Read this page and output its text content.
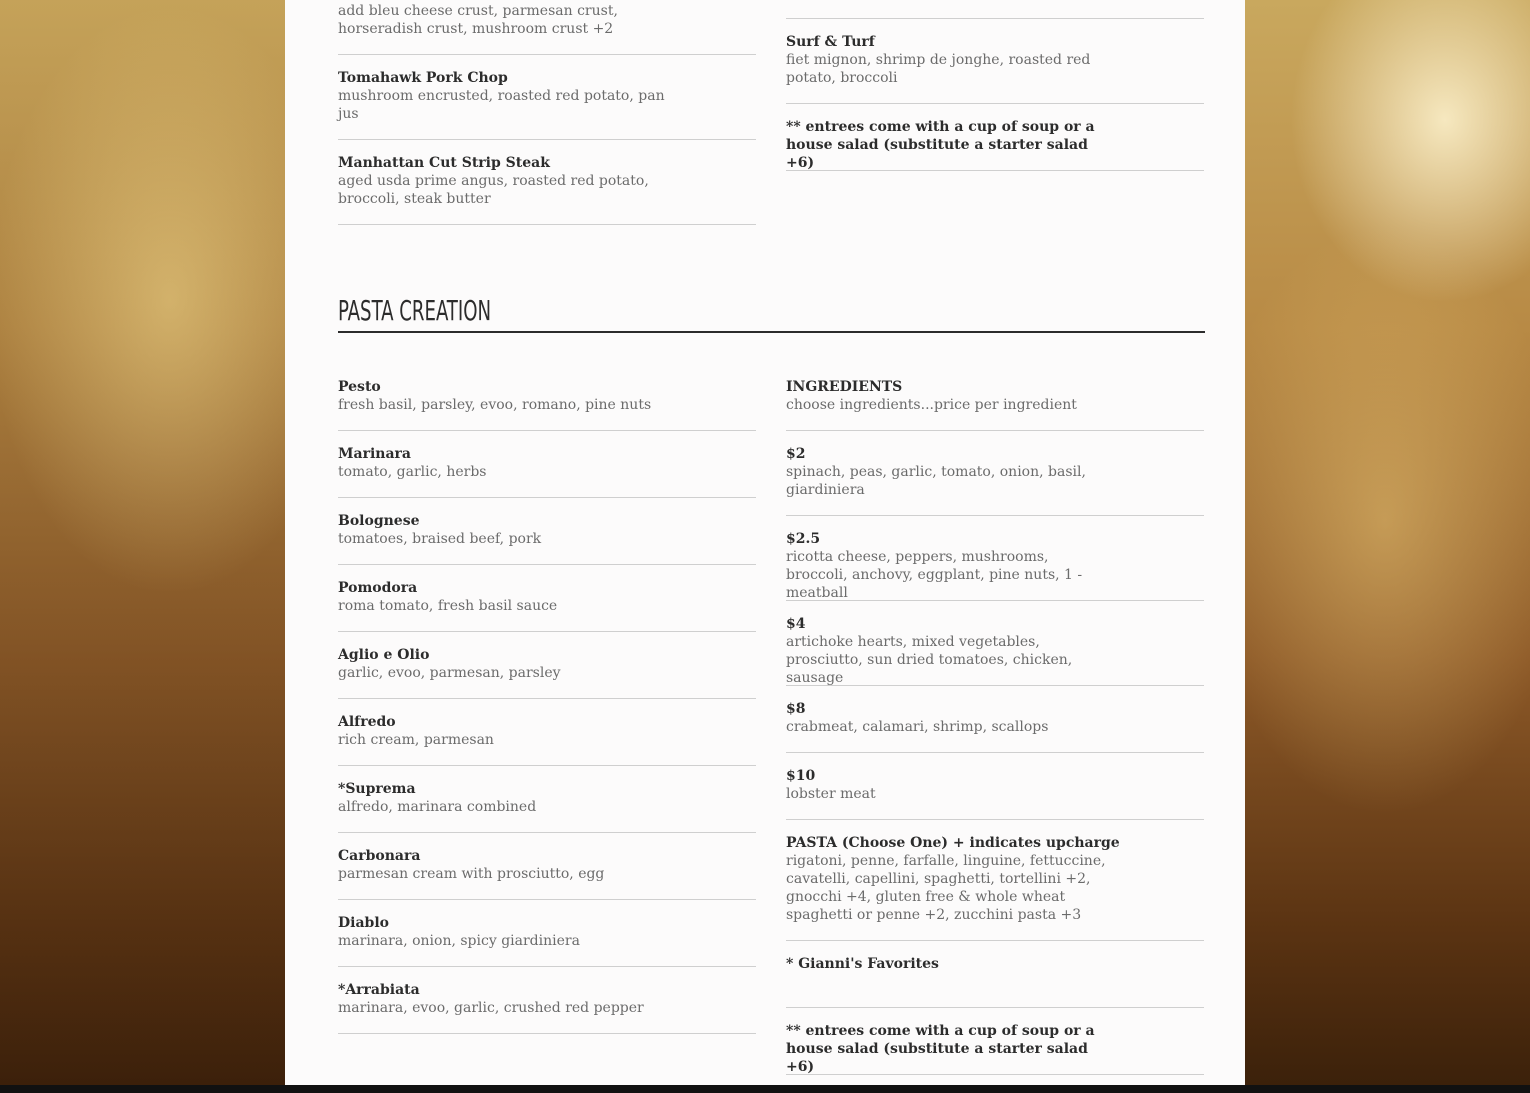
add bleu cheese crust, parmesan crust, horseradish crust, mushroom crust +2
Tomahawk Pork Chop
mushroom encrusted, roasted red potato, pan jus
Manhattan Cut Strip Steak
aged usda prime angus, roasted red potato, broccoli, steak butter
Surf & Turf
fiet mignon, shrimp de jonghe, roasted red potato, broccoli
** entrees come with a cup of soup or a house salad (substitute a starter salad +6)
PASTA CREATION
Pesto
fresh basil, parsley, evoo, romano, pine nuts
Marinara
tomato, garlic, herbs
Bolognese
tomatoes, braised beef, pork
Pomodora
roma tomato, fresh basil sauce
Aglio e Olio
garlic, evoo, parmesan, parsley
Alfredo
rich cream, parmesan
*Suprema
alfredo, marinara combined
Carbonara
parmesan cream with prosciutto, egg
Diablo
marinara, onion, spicy giardiniera
*Arrabiata
marinara, evoo, garlic, crushed red pepper
INGREDIENTS
choose ingredients...price per ingredient
$2
spinach, peas, garlic, tomato, onion, basil, giardiniera
$2.5
ricotta cheese, peppers, mushrooms, broccoli, anchovy, eggplant, pine nuts, 1 - meatball
$4
artichoke hearts, mixed vegetables, prosciutto, sun dried tomatoes, chicken, sausage
$8
crabmeat, calamari, shrimp, scallops
$10
lobster meat
PASTA (Choose One) + indicates upcharge
rigatoni, penne, farfalle, linguine, fettuccine, cavatelli, capellini, spaghetti, tortellini +2, gnocchi +4, gluten free & whole wheat spaghetti or penne +2, zucchini pasta +3
* Gianni's Favorites
** entrees come with a cup of soup or a house salad (substitute a starter salad +6)
